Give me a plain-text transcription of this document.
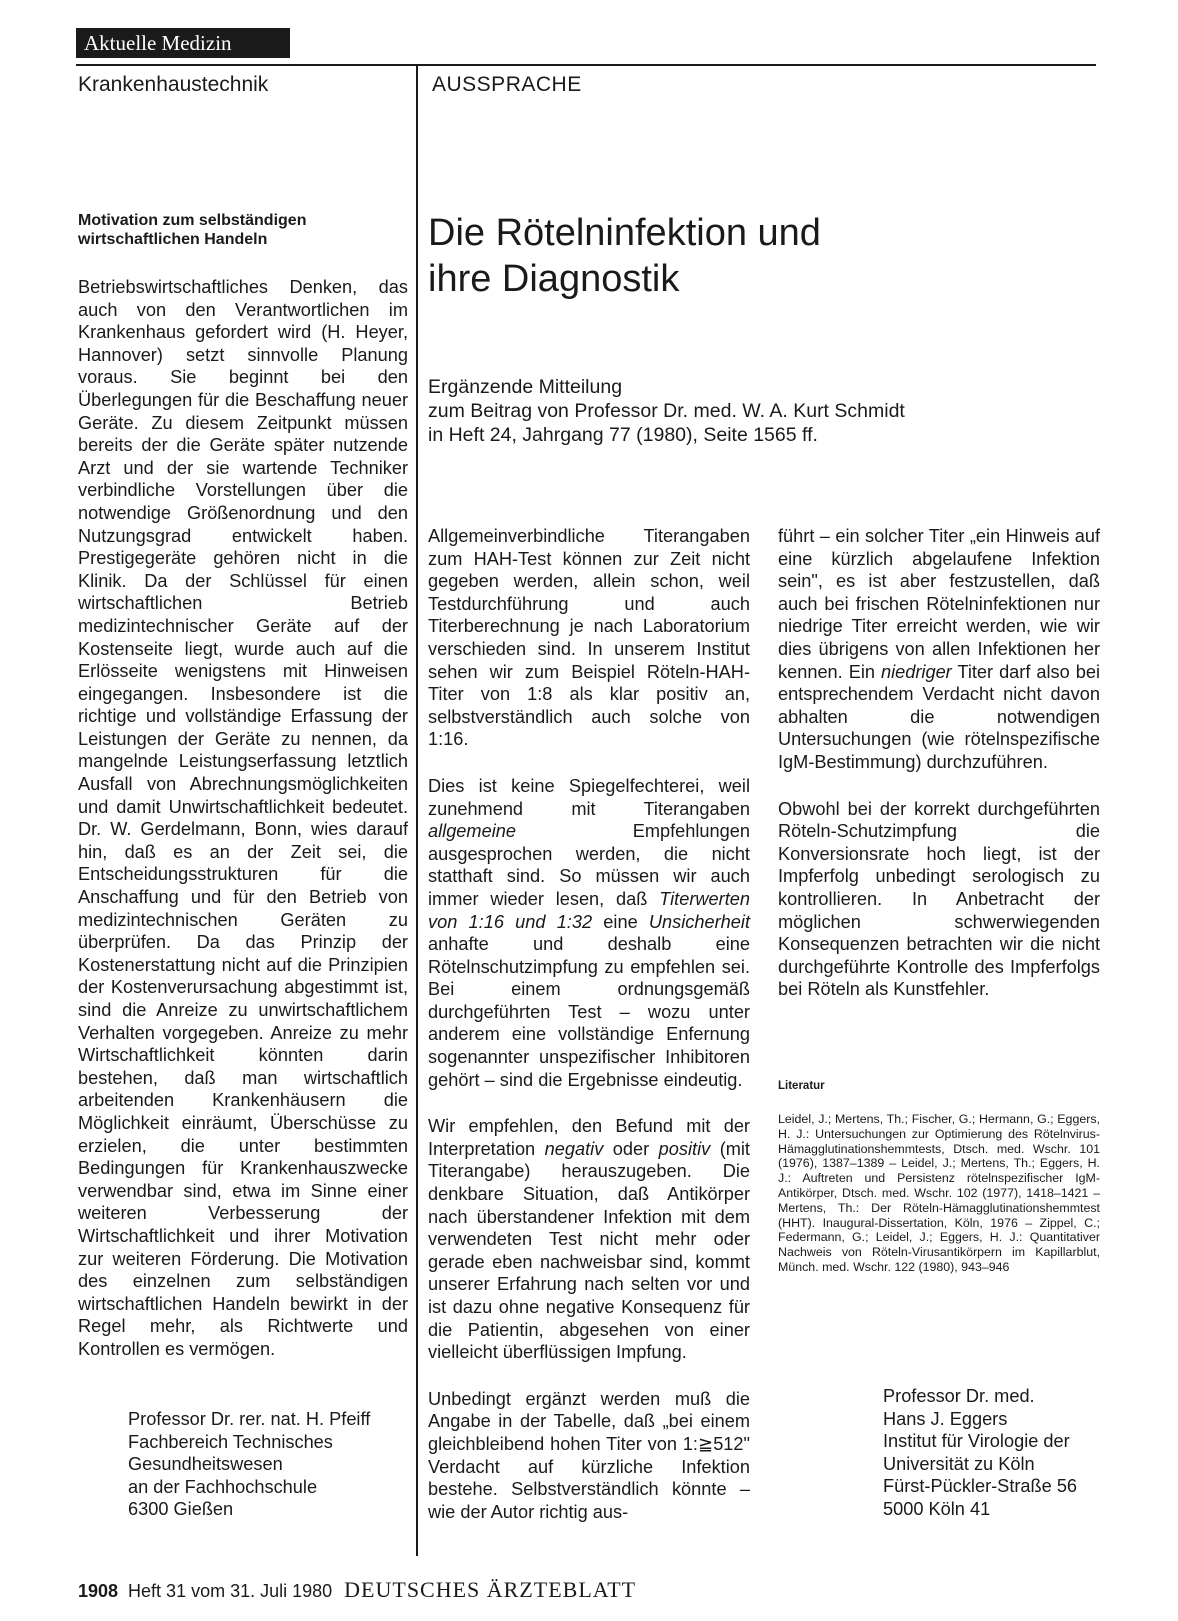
Aktuelle Medizin
Krankenhaustechnik	AUSSPRACHE
Motivation zum selbständigen wirtschaftlichen Handeln

Betriebswirtschaftliches Denken, das auch von den Verantwortlichen im Krankenhaus gefordert wird (H. Heyer, Hannover) setzt sinnvolle Planung voraus. Sie beginnt bei den Überlegungen für die Beschaffung neuer Geräte. Zu diesem Zeitpunkt müssen bereits der die Geräte später nutzende Arzt und der sie wartende Techniker verbindliche Vorstellungen über die notwendige Größenordnung und den Nutzungsgrad entwickelt haben. Prestigegeräte gehören nicht in die Klinik. Da der Schlüssel für einen wirtschaftlichen Betrieb medizintechnischer Geräte auf der Kostenseite liegt, wurde auch auf die Erlösseite wenigstens mit Hinweisen eingegangen. Insbesondere ist die richtige und vollständige Erfassung der Leistungen der Geräte zu nennen, da mangelnde Leistungserfassung letztlich Ausfall von Abrechnungsmöglichkeiten und damit Unwirtschaftlichkeit bedeutet. Dr. W. Gerdelmann, Bonn, wies darauf hin, daß es an der Zeit sei, die Entscheidungsstrukturen für die Anschaffung und für den Betrieb von medizintechnischen Geräten zu überprüfen. Da das Prinzip der Kostenerstattung nicht auf die Prinzipien der Kostenverursachung abgestimmt ist, sind die Anreize zu unwirtschaftlichem Verhalten vorgegeben. Anreize zu mehr Wirtschaftlichkeit könnten darin bestehen, daß man wirtschaftlich arbeitenden Krankenhäusern die Möglichkeit einräumt, Überschüsse zu erzielen, die unter bestimmten Bedingungen für Krankenhauszwecke verwendbar sind, etwa im Sinne einer weiteren Verbesserung der Wirtschaftlichkeit und ihrer Motivation zur weiteren Förderung. Die Motivation des einzelnen zum selbständigen wirtschaftlichen Handeln bewirkt in der Regel mehr, als Richtwerte und Kontrollen es vermögen.

Professor Dr. rer. nat. H. Pfeiff
Fachbereich Technisches
Gesundheitswesen
an der Fachhochschule
6300 Gießen
Die Rötelninfektion und
ihre Diagnostik
Ergänzende Mitteilung
zum Beitrag von Professor Dr. med. W. A. Kurt Schmidt
in Heft 24, Jahrgang 77 (1980), Seite 1565 ff.

Allgemeinverbindliche Titerangaben zum HAH-Test können zur Zeit nicht gegeben werden, allein schon, weil Testdurchführung und auch Titerberechnung je nach Laboratorium verschieden sind. In unserem Institut sehen wir zum Beispiel Röteln-HAH-Titer von 1:8 als klar positiv an, selbstverständlich auch solche von 1:16.

Dies ist keine Spiegelfechterei, weil zunehmend mit Titerangaben allgemeine Empfehlungen ausgesprochen werden, die nicht statthaft sind. So müssen wir auch immer wieder lesen, daß Titerwerten von 1:16 und 1:32 eine Unsicherheit anhafte und deshalb eine Rötelnschutzimpfung zu empfehlen sei. Bei einem ordnungsgemäß durchgeführten Test – wozu unter anderem eine vollständige Enfernung sogenannter unspezifischer Inhibitoren gehört – sind die Ergebnisse eindeutig.

Wir empfehlen, den Befund mit der Interpretation negativ oder positiv (mit Titerangabe) herauszugeben. Die denkbare Situation, daß Antikörper nach überstandener Infektion mit dem verwendeten Test nicht mehr oder gerade eben nachweisbar sind, kommt unserer Erfahrung nach selten vor und ist dazu ohne negative Konsequenz für die Patientin, abgesehen von einer vielleicht überflüssigen Impfung.

Unbedingt ergänzt werden muß die Angabe in der Tabelle, daß „bei einem gleichbleibend hohen Titer von 1:≧512" Verdacht auf kürzliche Infektion bestehe. Selbstverständlich könnte – wie der Autor richtig aus-

führt – ein solcher Titer „ein Hinweis auf eine kürzlich abgelaufene Infektion sein", es ist aber festzustellen, daß auch bei frischen Rötelninfektionen nur niedrige Titer erreicht werden, wie wir dies übrigens von allen Infektionen her kennen. Ein niedriger Titer darf also bei entsprechendem Verdacht nicht davon abhalten die notwendigen Untersuchungen (wie rötelnspezifische IgM-Bestimmung) durchzuführen.

Obwohl bei der korrekt durchgeführten Röteln-Schutzimpfung die Konversionsrate hoch liegt, ist der Impferfolg unbedingt serologisch zu kontrollieren. In Anbetracht der möglichen schwerwiegenden Konsequenzen betrachten wir die nicht durchgeführte Kontrolle des Impferfolgs bei Röteln als Kunstfehler.

Literatur
Leidel, J.; Mertens, Th.; Fischer, G.; Hermann, G.; Eggers, H. J.: Untersuchungen zur Optimierung des Rötelnvirus-Hämagglutinationshemmtests, Dtsch. med. Wschr. 101 (1976), 1387–1389 – Leidel, J.; Mertens, Th.; Eggers, H. J.: Auftreten und Persistenz rötelnspezifischer IgM-Antikörper, Dtsch. med. Wschr. 102 (1977), 1418–1421 – Mertens, Th.: Der Röteln-Hämagglutinationshemmtest (HHT). Inaugural-Dissertation, Köln, 1976 – Zippel, C.; Federmann, G.; Leidel, J.; Eggers, H. J.: Quantitativer Nachweis von Röteln-Virusantikörpern im Kapillarblut, Münch. med. Wschr. 122 (1980), 943–946
Professor Dr. med.
Hans J. Eggers
Institut für Virologie der
Universität zu Köln
Fürst-Pückler-Straße 56
5000 Köln 41
1908 Heft 31 vom 31. Juli 1980 DEUTSCHES ÄRZTEBLATT
